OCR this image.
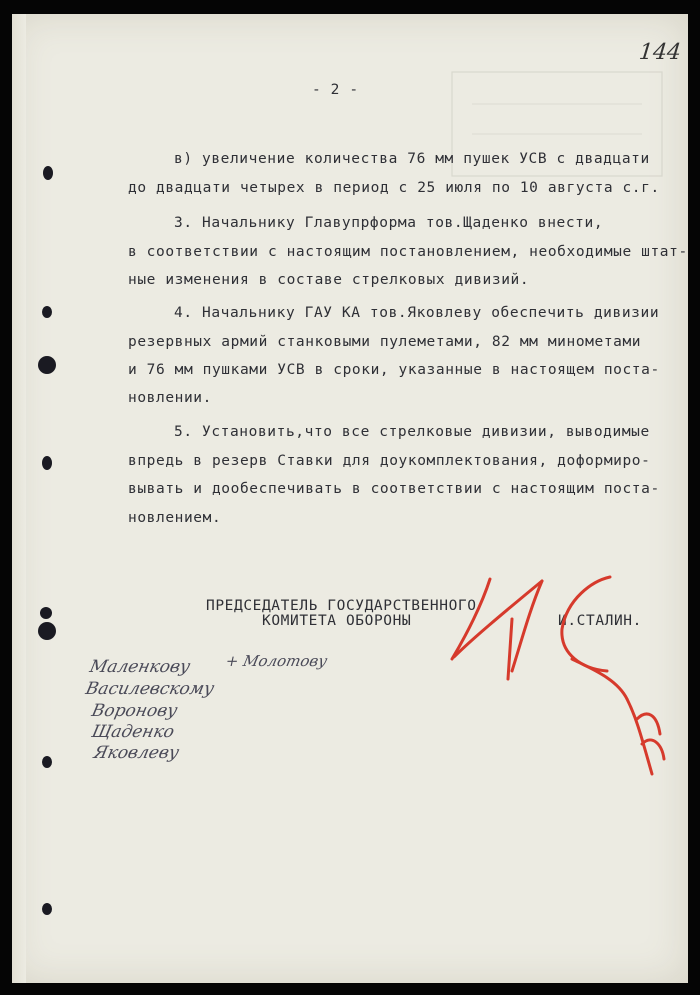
144
- 2 -
в) увеличение количества 76 мм пушек УСВ с двадцати
до двадцати четырех в период с 25 июля по 10 августа с.г.
3. Начальнику Главупрформа тов.Щаденко внести,
в соответствии с настоящим постановлением, необходимые штат-
ные изменения в составе стрелковых дивизий.
4. Начальнику ГАУ КА тов.Яковлеву обеспечить дивизии
резервных армий станковыми пулеметами, 82 мм минометами
и 76 мм пушками УСВ в сроки, указанные в настоящем поста-
новлении.
5. Установить,что все стрелковые дивизии, выводимые
впредь в резерв Ставки для доукомплектования, доформиро-
вывать и дообеспечивать в соответствии с настоящим поста-
новлением.
ПРЕДСЕДАТЕЛЬ ГОСУДАРСТВЕННОГО
КОМИТЕТА ОБОРОНЫ	И.СТАЛИН.
Маленкову
Василевскому
Воронову
Щаденко
Яковлеву
+ Молотову
